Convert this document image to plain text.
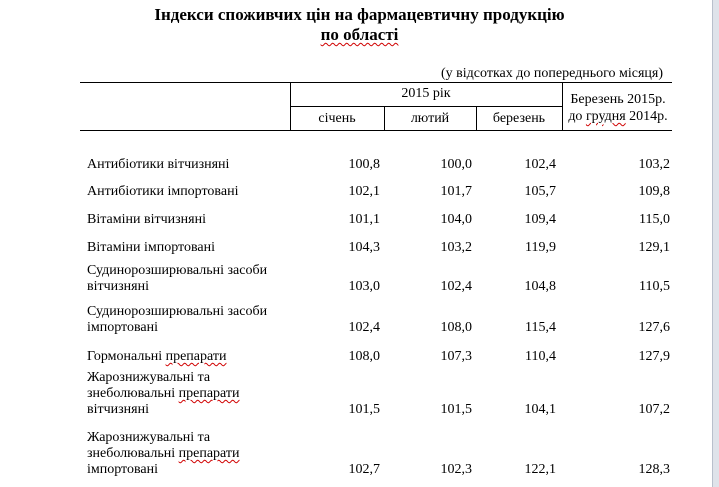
Індекси споживчих цін на фармацевтичну продукцію
по області
(у відсотках до попереднього місяця)
2015 рік
січень	лютий	березень
Березень 2015р.
до грудня 2014р.
Антибіотики вітчизняні	100,8	100,0	102,4	103,2
Антибіотики імпортовані	102,1	101,7	105,7	109,8
Вітаміни вітчизняні	101,1	104,0	109,4	115,0
Вітаміни імпортовані	104,3	103,2	119,9	129,1
Судинорозширювальні засоби
вітчизняні	103,0	102,4	104,8	110,5
Судинорозширювальні засоби
імпортовані	102,4	108,0	115,4	127,6
Гормональні препарати	108,0	107,3	110,4	127,9
Жарознижувальні та
знеболювальні препарати
вітчизняні	101,5	101,5	104,1	107,2
Жарознижувальні та
знеболювальні препарати
імпортовані	102,7	102,3	122,1	128,3
